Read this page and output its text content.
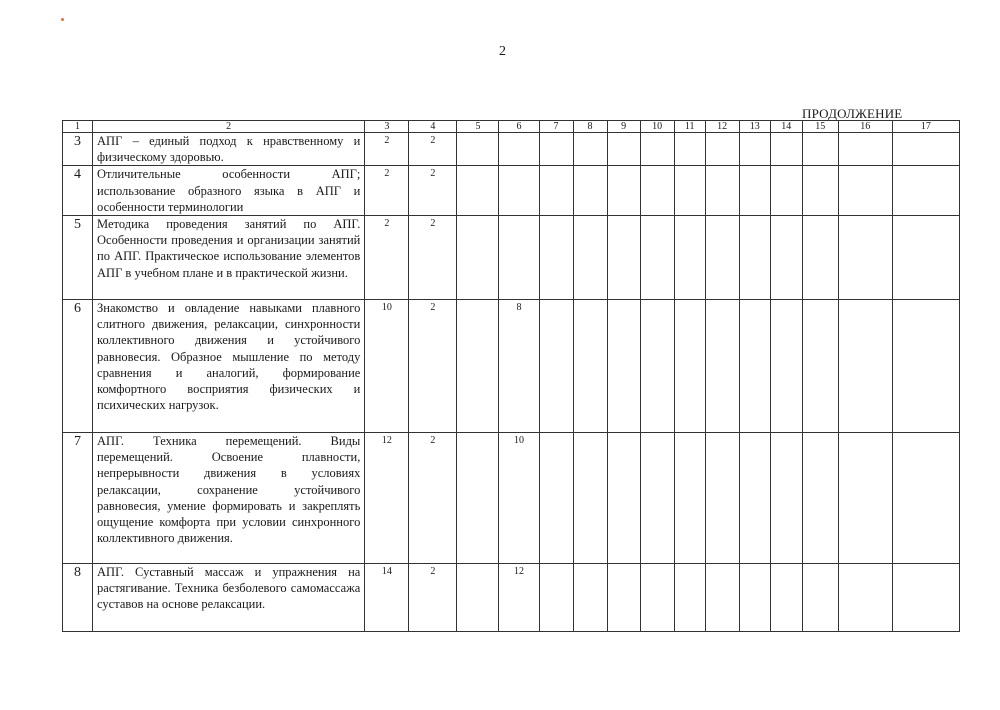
2
ПРОДОЛЖЕНИЕ
1	2	3	4	5	6	7	8	9	10	11	12	13	14	15	16	17
3	АПГ – единый подход к нравственному и физическому здоровью.	2	2													
4	Отличительные особенности АПГ; использование образного языка в АПГ и особенности терминологии	2	2													
5	Методика проведения занятий по АПГ. Особенности проведения и организации занятий по АПГ. Практическое использование элементов АПГ в учебном плане и в практической жизни.	2	2													
6	Знакомство и овладение навыками плавного слитного движения, релаксации, синхронности коллективного движения и устойчивого равновесия. Образное мышление по методу сравнения и аналогий, формирование комфортного восприятия физических и психических нагрузок.	10	2		8											
7	АПГ. Техника перемещений. Виды перемещений. Освоение плавности, непрерывности движения в условиях релаксации, сохранение устойчивого равновесия, умение формировать и закреплять ощущение комфорта при условии синхронного коллективного движения.	12	2		10											
8	АПГ. Суставный массаж и упражнения на растягивание. Техника безболевого самомассажа суставов на основе релаксации.	14	2		12											
